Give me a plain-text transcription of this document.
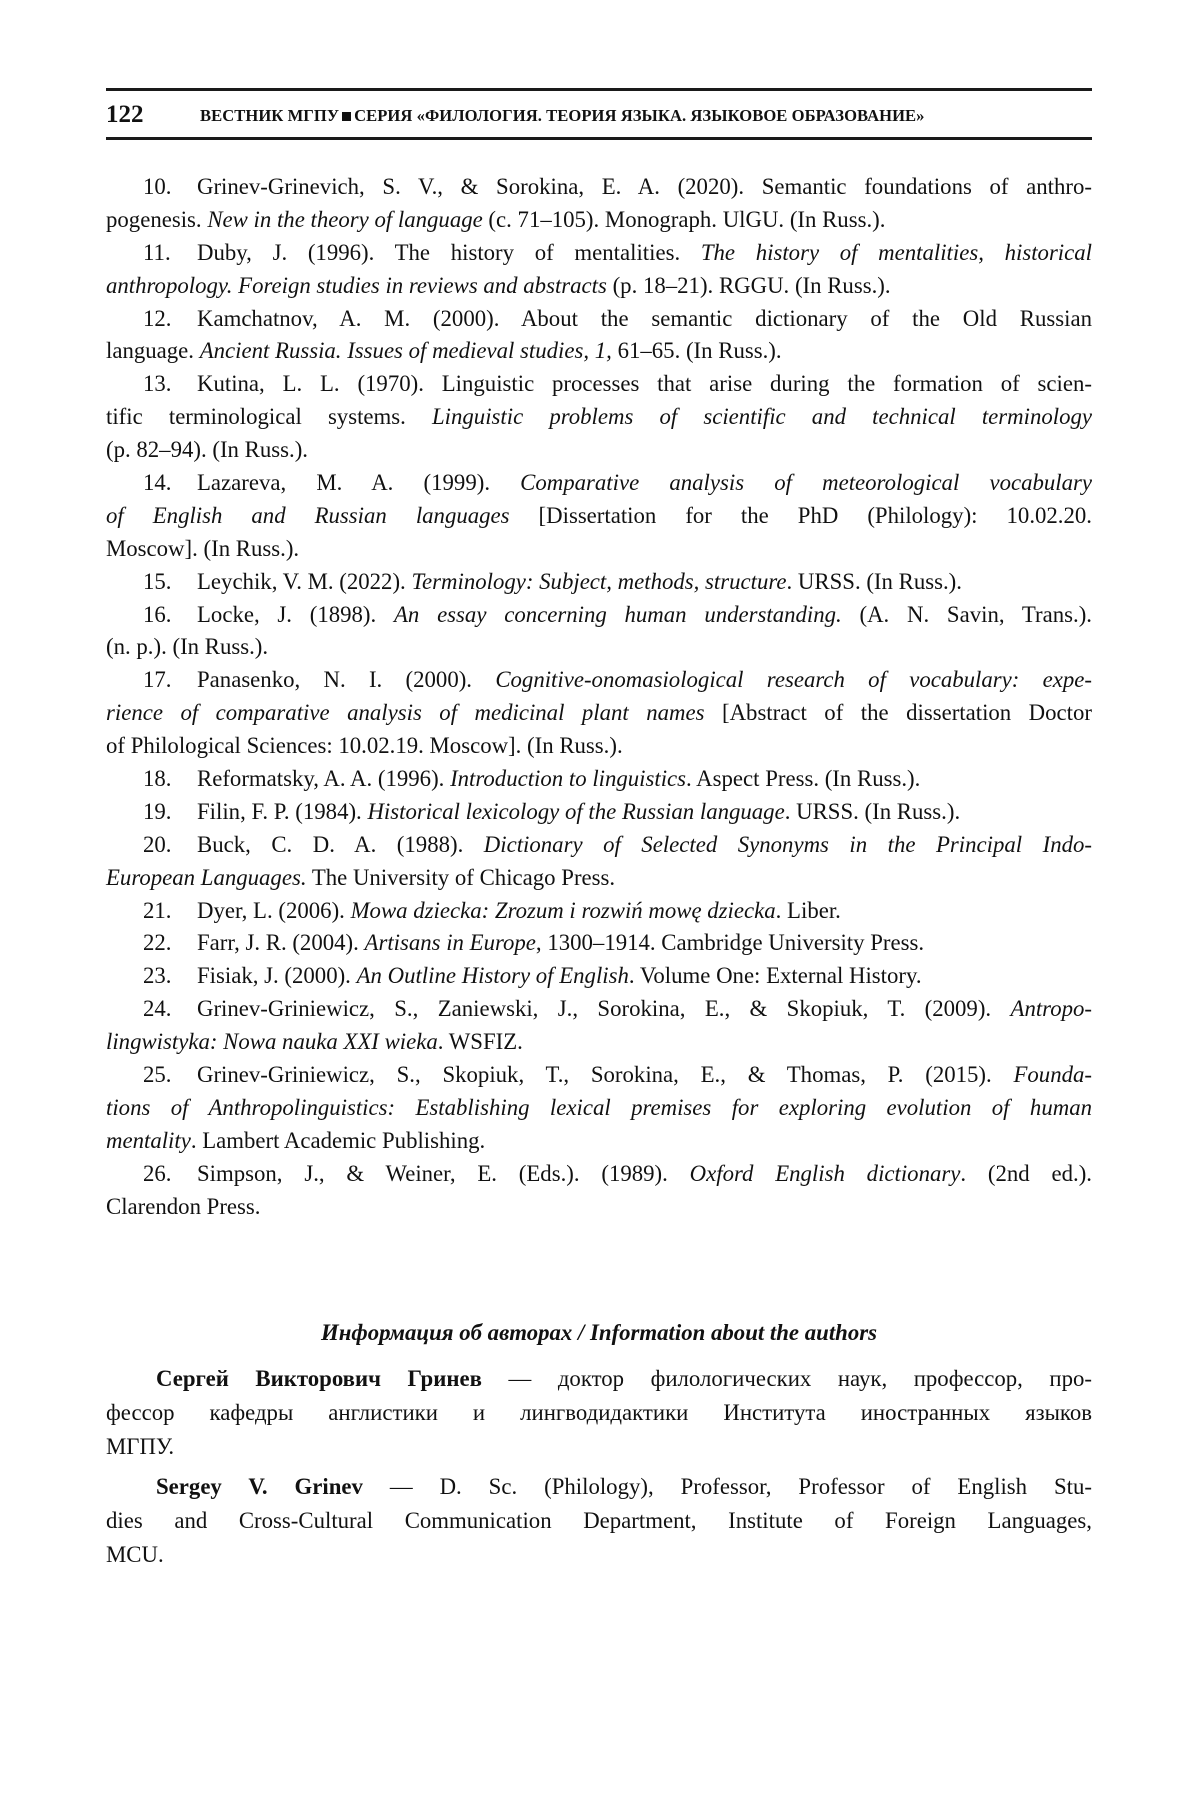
122	ВЕСТНИК МГПУ СЕРИЯ «ФИЛОЛОГИЯ. ТЕОРИЯ ЯЗЫКА. ЯЗЫКОВОЕ ОБРАЗОВАНИЕ»
10. Grinev-Grinevich, S. V., & Sorokina, E. A. (2020). Semantic foundations of anthro-
pogenesis. New in the theory of language (c. 71–105). Monograph. UlGU. (In Russ.).
11. Duby, J. (1996). The history of mentalities. The history of mentalities, historical
anthropology. Foreign studies in reviews and abstracts (p. 18–21). RGGU. (In Russ.).
12. Kamchatnov, A. M. (2000). About the semantic dictionary of the Old Russian
language. Ancient Russia. Issues of medieval studies, 1, 61–65. (In Russ.).
13. Kutina, L. L. (1970). Linguistic processes that arise during the formation of scien-
tific terminological systems. Linguistic problems of scientific and technical terminology
(p. 82–94). (In Russ.).
14. Lazareva, M. A. (1999). Comparative analysis of meteorological vocabulary
of English and Russian languages [Dissertation for the PhD (Philology): 10.02.20.
Moscow]. (In Russ.).
15. Leychik, V. M. (2022). Terminology: Subject, methods, structure. URSS. (In Russ.).
16. Locke, J. (1898). An essay concerning human understanding. (A. N. Savin, Trans.).
(n. p.). (In Russ.).
17. Panasenko, N. I. (2000). Cognitive-onomasiological research of vocabulary: expe-
rience of comparative analysis of medicinal plant names [Abstract of the dissertation Doctor
of Philological Sciences: 10.02.19. Moscow]. (In Russ.).
18. Reformatsky, A. A. (1996). Introduction to linguistics. Aspect Press. (In Russ.).
19. Filin, F. P. (1984). Historical lexicology of the Russian language. URSS. (In Russ.).
20. Buck, C. D. A. (1988). Dictionary of Selected Synonyms in the Principal Indo-
European Languages. The University of Chicago Press.
21. Dyer, L. (2006). Mowa dziecka: Zrozum i rozwiń mowę dziecka. Liber.
22. Farr, J. R. (2004). Artisans in Europe, 1300–1914. Cambridge University Press.
23. Fisiak, J. (2000). An Outline History of English. Volume One: External History.
24. Grinev-Griniewicz, S., Zaniewski, J., Sorokina, E., & Skopiuk, T. (2009). Antropo-
lingwistyka: Nowa nauka XXI wieka. WSFIZ.
25. Grinev-Griniewicz, S., Skopiuk, T., Sorokina, E., & Thomas, P. (2015). Founda-
tions of Anthropolinguistics: Establishing lexical premises for exploring evolution of human
mentality. Lambert Academic Publishing.
26. Simpson, J., & Weiner, E. (Eds.). (1989). Oxford English dictionary. (2nd ed.).
Clarendon Press.
Информация об авторах / Information about the authors
Сергей Викторович Гринев — доктор филологических наук, профессор, про-
фессор кафедры англистики и лингводидактики Института иностранных языков
МГПУ.
Sergey V. Grinev — D. Sc. (Philology), Professor, Professor of English Stu-
dies and Cross-Cultural Communication Department, Institute of Foreign Languages,
MCU.
